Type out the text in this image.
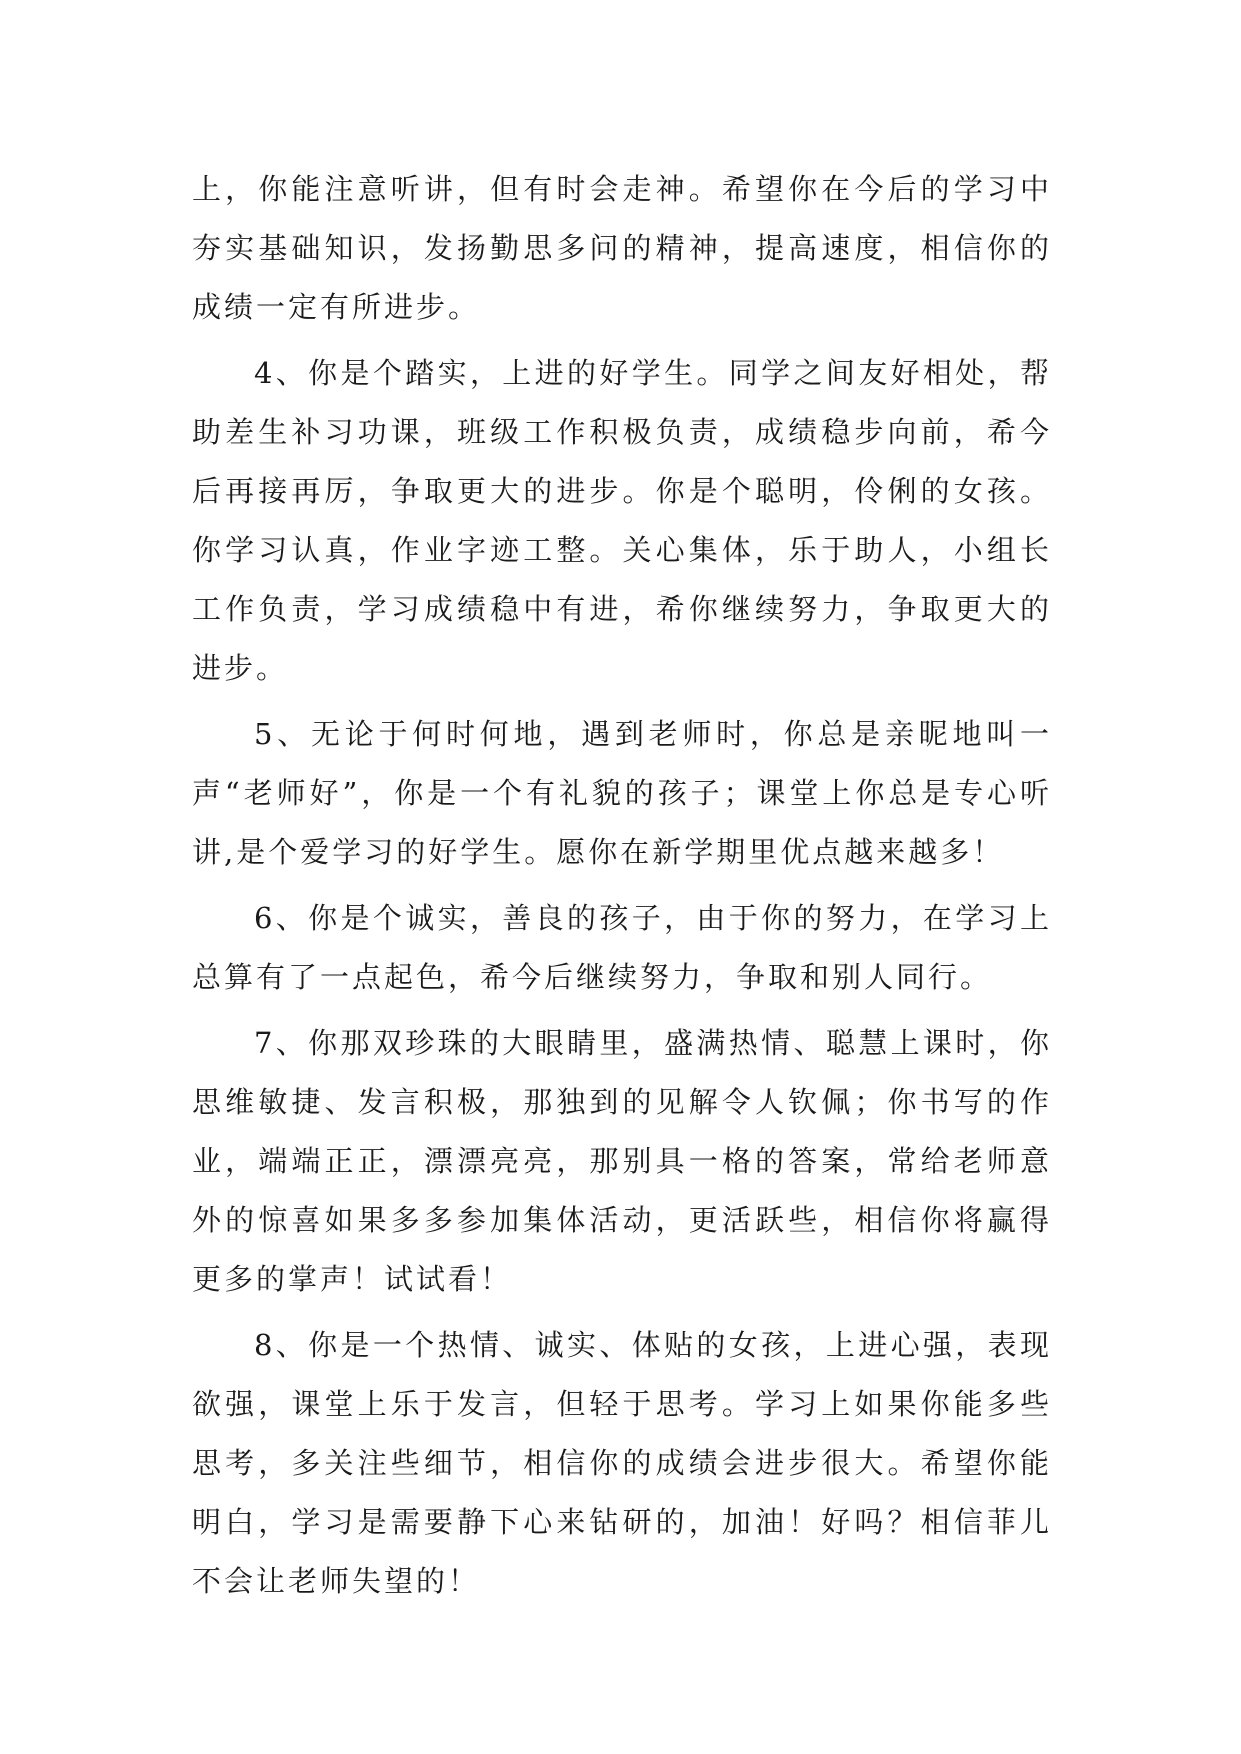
上，你能注意听讲，但有时会走神。希望你在今后的学习中夯实基础知识，发扬勤思多问的精神，提高速度，相信你的成绩一定有所进步。

4、你是个踏实，上进的好学生。同学之间友好相处，帮助差生补习功课，班级工作积极负责，成绩稳步向前，希今后再接再厉，争取更大的进步。你是个聪明，伶俐的女孩。你学习认真，作业字迹工整。关心集体，乐于助人，小组长工作负责，学习成绩稳中有进，希你继续努力，争取更大的进步。

5、无论于何时何地，遇到老师时，你总是亲昵地叫一声“老师好”，你是一个有礼貌的孩子；课堂上你总是专心听讲,是个爱学习的好学生。愿你在新学期里优点越来越多！

6、你是个诚实，善良的孩子，由于你的努力，在学习上总算有了一点起色，希今后继续努力，争取和别人同行。

7、你那双珍珠的大眼睛里，盛满热情、聪慧上课时，你思维敏捷、发言积极，那独到的见解令人钦佩；你书写的作业，端端正正，漂漂亮亮，那别具一格的答案，常给老师意外的惊喜如果多多参加集体活动，更活跃些，相信你将赢得更多的掌声！试试看！

8、你是一个热情、诚实、体贴的女孩，上进心强，表现欲强，课堂上乐于发言，但轻于思考。学习上如果你能多些思考，多关注些细节，相信你的成绩会进步很大。希望你能明白，学习是需要静下心来钻研的，加油！好吗？相信菲儿不会让老师失望的！
